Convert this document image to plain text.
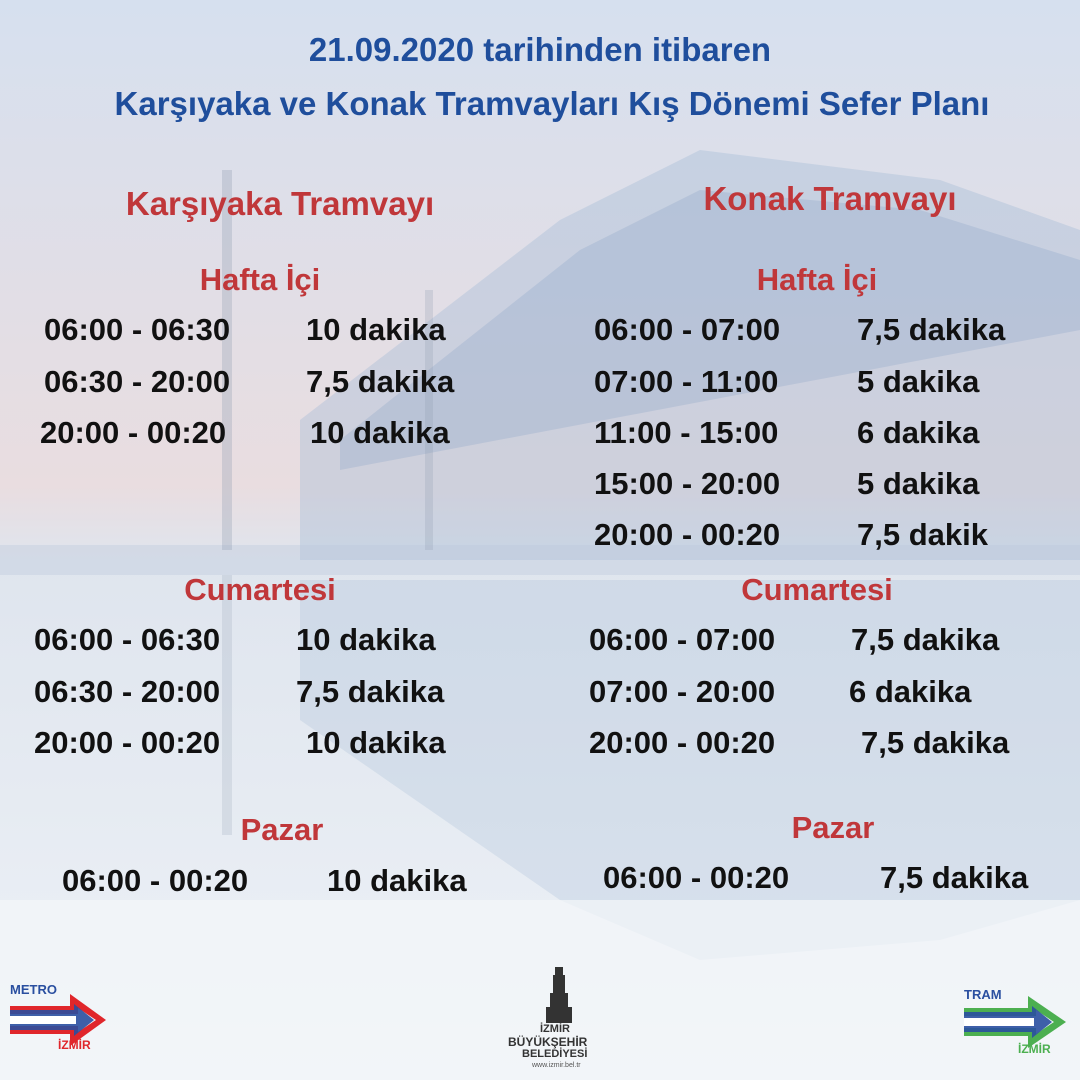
21.09.2020 tarihinden itibaren
Karşıyaka ve Konak Tramvayları Kış Dönemi Sefer Planı
Karşıyaka Tramvayı
Hafta İçi
06:00 - 06:30 10 dakika
06:30 - 20:00 7,5 dakika
20:00 - 00:20	10 dakika
Cumartesi
06:00 - 06:30 10 dakika
06:30 - 20:00 7,5 dakika
20:00 - 00:20	10 dakika
Pazar
06:00 - 00:20	10 dakika
Konak Tramvayı
Hafta İçi
06:00 - 07:00 7,5 dakika
07:00 - 11:00	5 dakika
11:00 - 15:00	6 dakika
15:00 - 20:00 5 dakika
20:00 - 00:20 7,5 dakik
Cumartesi
06:00 - 07:00 7,5 dakika
07:00 - 20:00 6 dakika
20:00 - 00:20	7,5 dakika
Pazar
06:00 - 00:20	7,5 dakika
METRO
İZMİR
İZMİR
BÜYÜKŞEHİR
BELEDİYESİ
www.izmir.bel.tr
TRAM
İZMİR
